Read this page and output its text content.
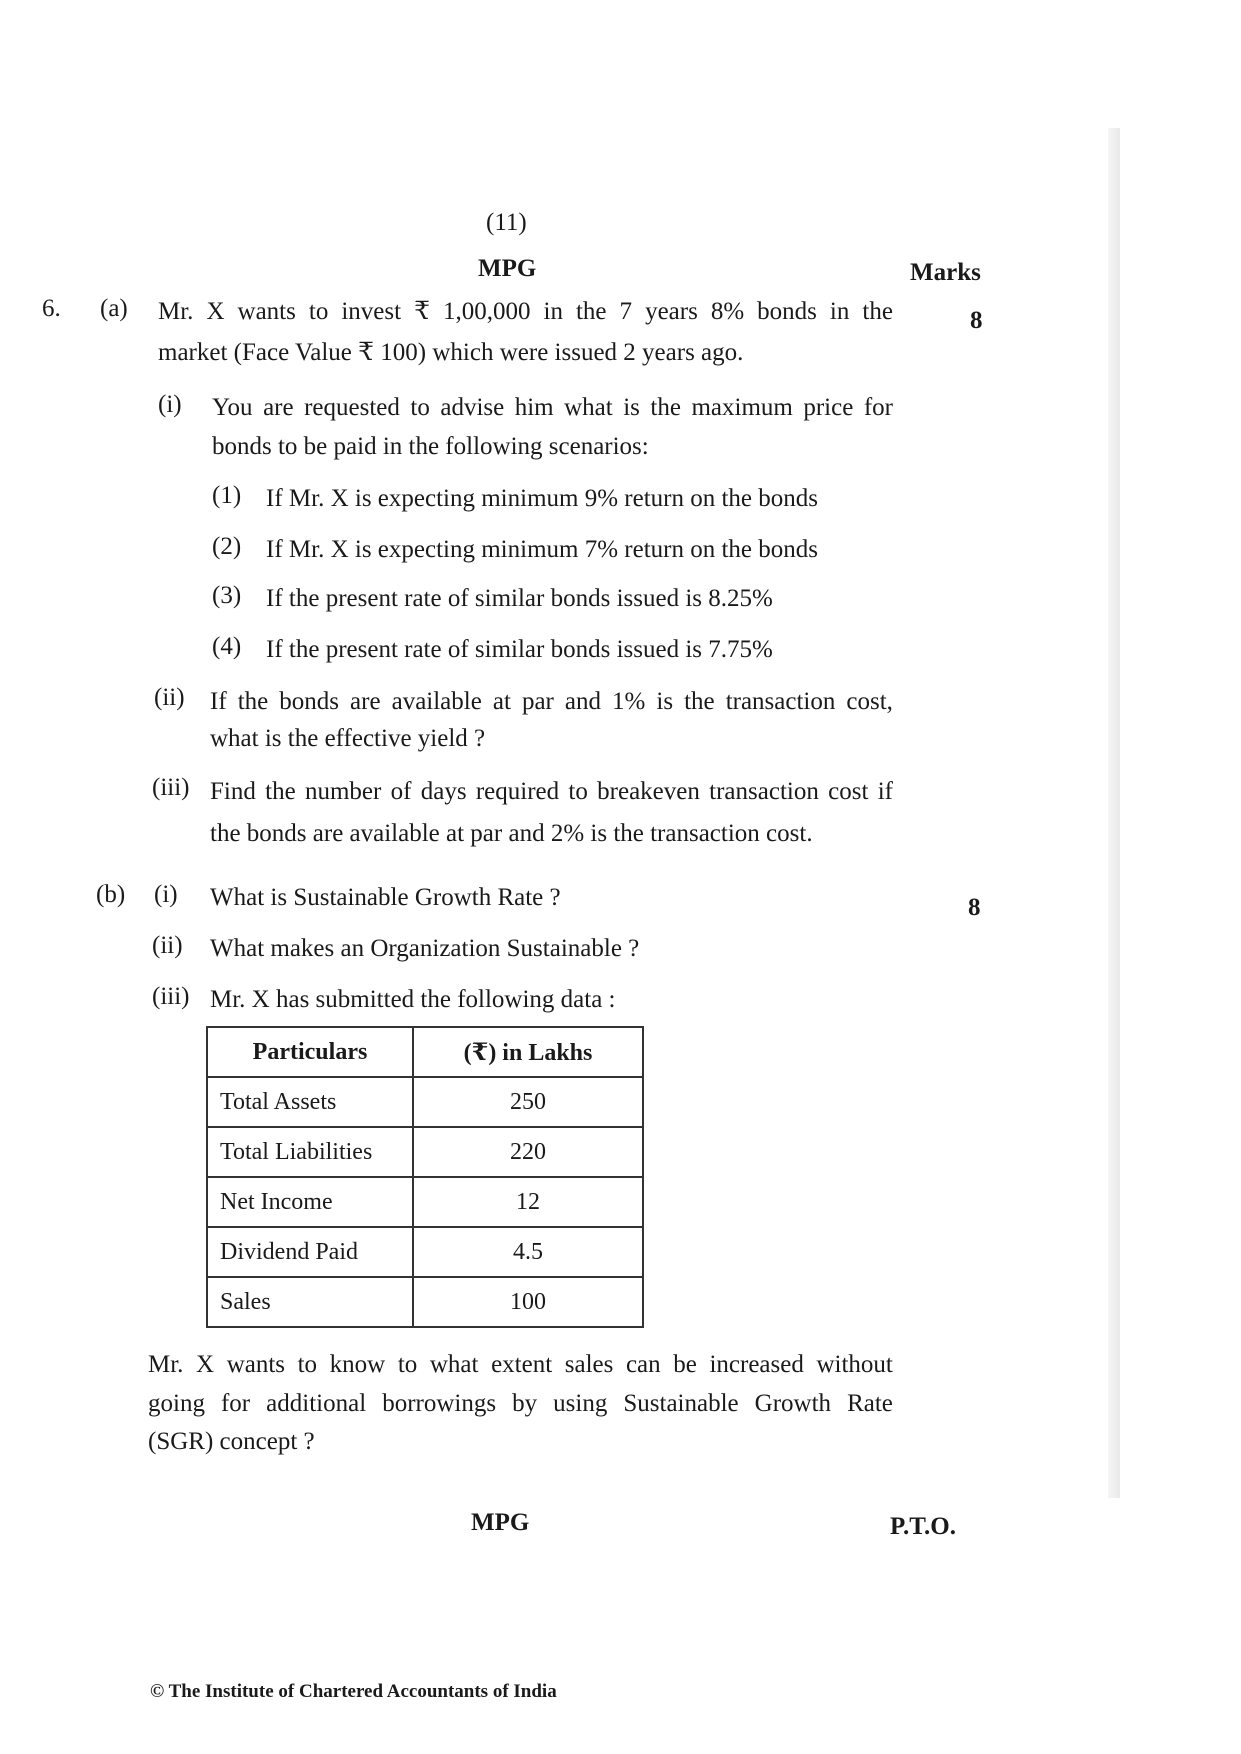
(11)
MPG	Marks
6. (a)	8
Mr. X wants to invest ₹ 1,00,000 in the 7 years 8% bonds in the
market (Face Value ₹ 100) which were issued 2 years ago.
(i) You are requested to advise him what is the maximum price for
bonds to be paid in the following scenarios:
(1) If Mr. X is expecting minimum 9% return on the bonds
(2) If Mr. X is expecting minimum 7% return on the bonds
(3) If the present rate of similar bonds issued is 8.25%
(4) If the present rate of similar bonds issued is 7.75%
(ii) If the bonds are available at par and 1% is the transaction cost,
what is the effective yield ?
(iii) Find the number of days required to breakeven transaction cost if
the bonds are available at par and 2% is the transaction cost.
(b)	8
(i) What is Sustainable Growth Rate ?
(ii) What makes an Organization Sustainable ?
(iii) Mr. X has submitted the following data :
Particulars	(₹) in Lakhs
Total Assets	250
Total Liabilities	220
Net Income	12
Dividend Paid	4.5
Sales	100
Mr. X wants to know to what extent sales can be increased without
going for additional borrowings by using Sustainable Growth Rate
(SGR) concept ?
MPG	P.T.O.
© The Institute of Chartered Accountants of India
